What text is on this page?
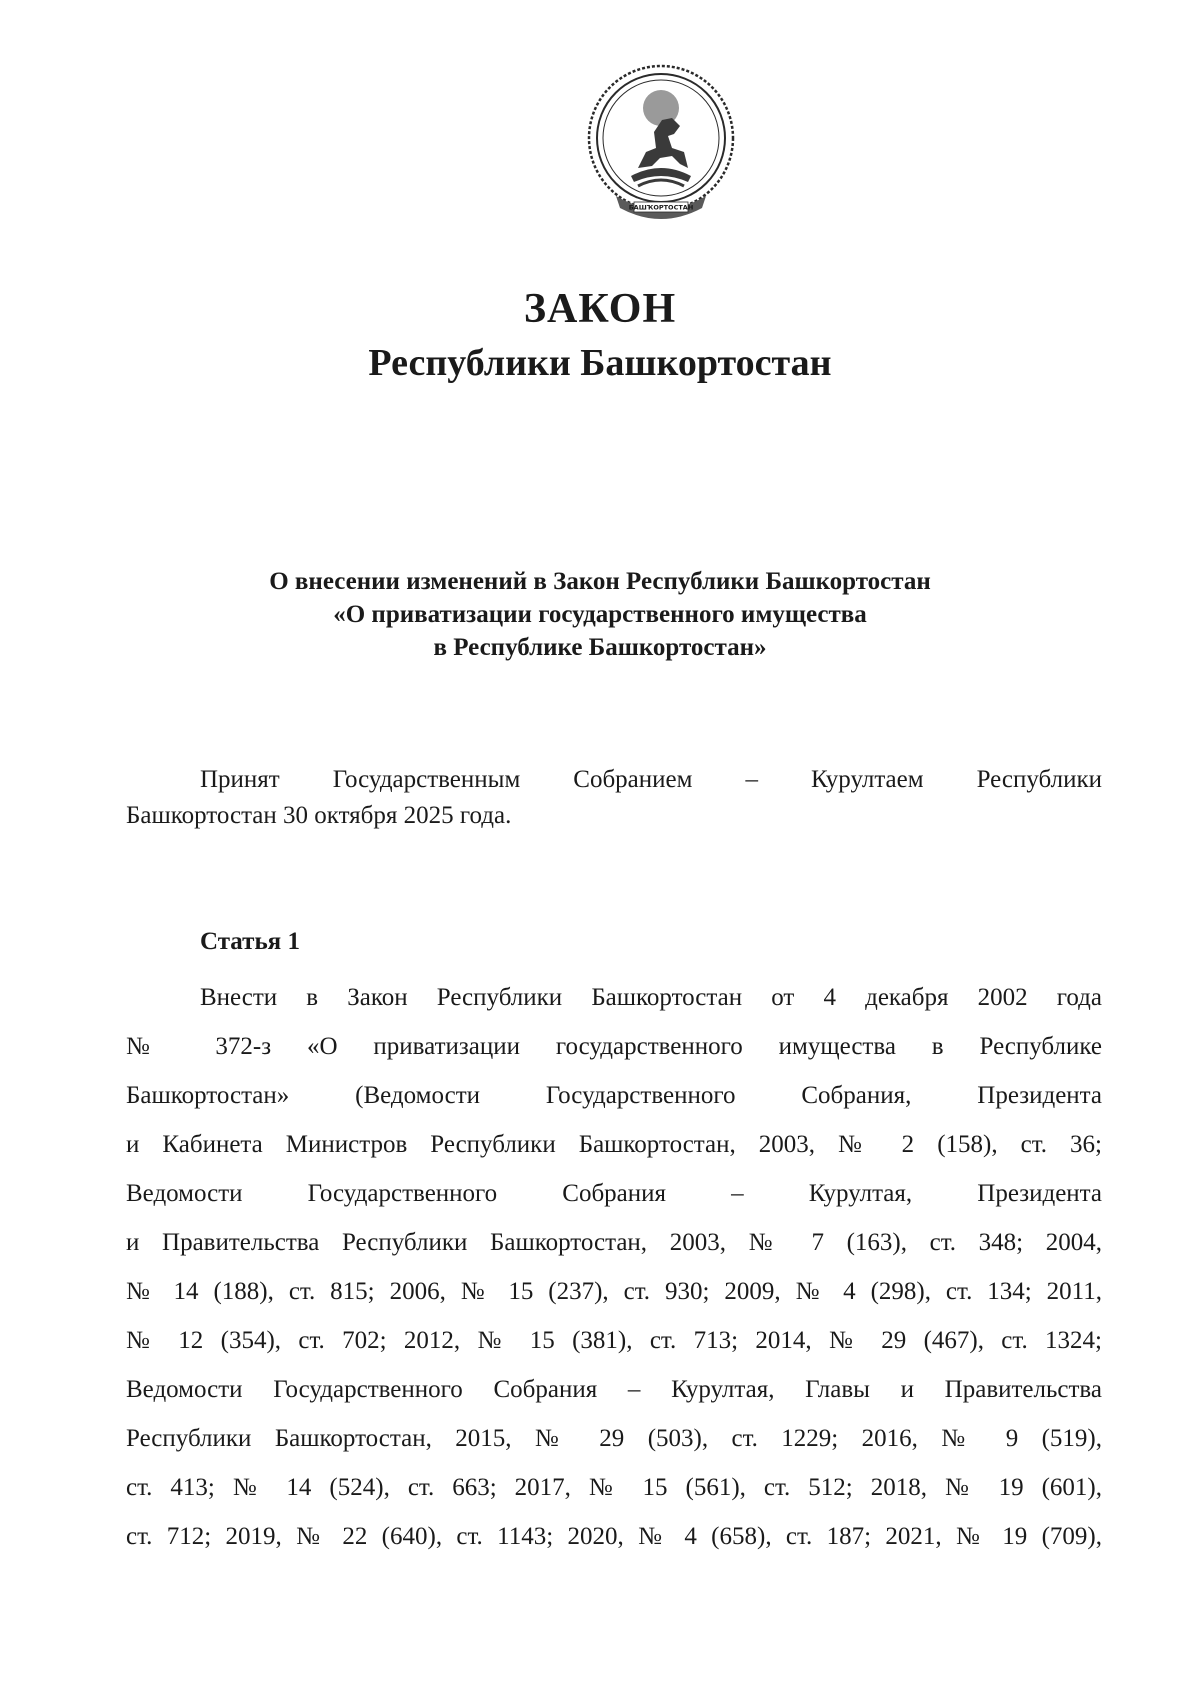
БАШҠОРТОСТАН
ЗАКОН
Республики Башкортостан
О внесении изменений в Закон Республики Башкортостан
«О приватизации государственного имущества
в Республике Башкортостан»
Принят Государственным Собранием – Курултаем Республики
Башкортостан 30 октября 2025 года.
Статья 1
Внести в Закон Республики Башкортостан от 4 декабря 2002 года
№ 372-з «О приватизации государственного имущества в Республике
Башкортостан» (Ведомости Государственного Собрания, Президента
и Кабинета Министров Республики Башкортостан, 2003, № 2 (158), ст. 36;
Ведомости Государственного Собрания – Курултая, Президента
и Правительства Республики Башкортостан, 2003, № 7 (163), ст. 348; 2004,
№ 14 (188), ст. 815; 2006, № 15 (237), ст. 930; 2009, № 4 (298), ст. 134; 2011,
№ 12 (354), ст. 702; 2012, № 15 (381), ст. 713; 2014, № 29 (467), ст. 1324;
Ведомости Государственного Собрания – Курултая, Главы и Правительства
Республики Башкортостан, 2015, № 29 (503), ст. 1229; 2016, № 9 (519),
ст. 413; № 14 (524), ст. 663; 2017, № 15 (561), ст. 512; 2018, № 19 (601),
ст. 712; 2019, № 22 (640), ст. 1143; 2020, № 4 (658), ст. 187; 2021, № 19 (709),
